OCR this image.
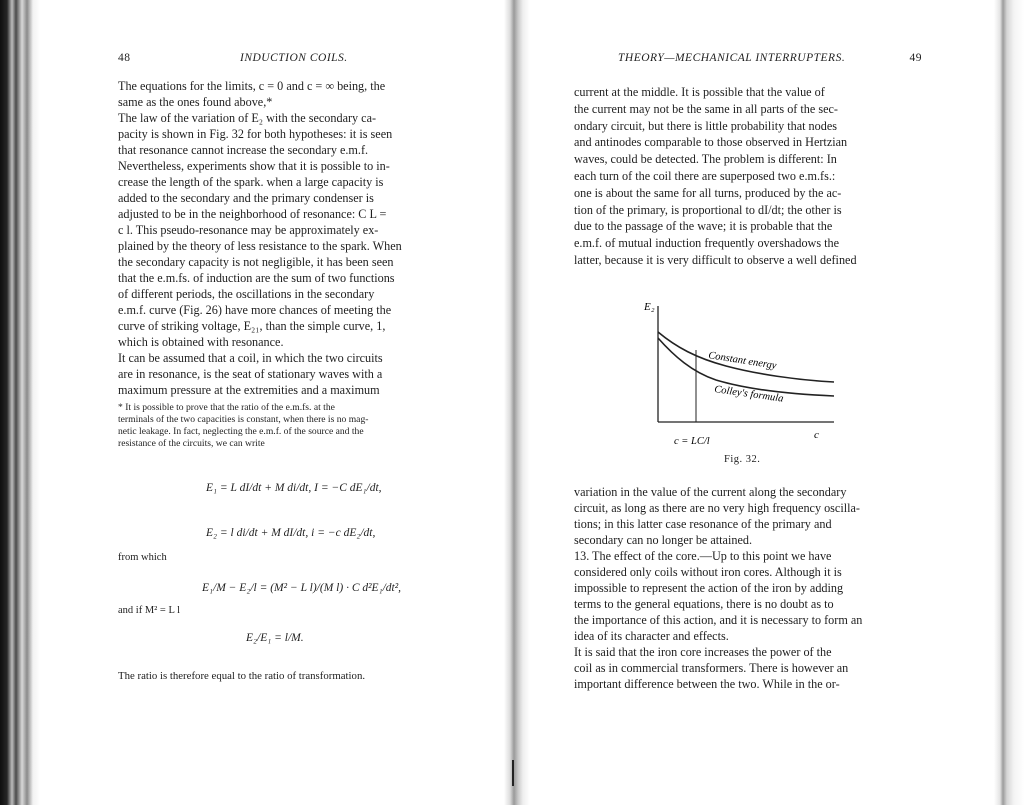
48	INDUCTION COILS.
The equations for the limits, c = 0 and c = ∞ being, the
same as the ones found above,*
The law of the variation of E₂ with the secondary ca-
pacity is shown in Fig. 32 for both hypotheses: it is seen
that resonance cannot increase the secondary e.m.f.
Nevertheless, experiments show that it is possible to in-
crease the length of the spark. when a large capacity is
added to the secondary and the primary condenser is
adjusted to be in the neighborhood of resonance: C L =
c l. This pseudo-resonance may be approximately ex-
plained by the theory of less resistance to the spark. When
the secondary capacity is not negligible, it has been seen
that the e.m.fs. of induction are the sum of two functions
of different periods, the oscillations in the secondary
e.m.f. curve (Fig. 26) have more chances of meeting the
curve of striking voltage, E₂₁, than the simple curve, 1,
which is obtained with resonance.
It can be assumed that a coil, in which the two circuits
are in resonance, is the seat of stationary waves with a
maximum pressure at the extremities and a maximum
* It is possible to prove that the ratio of the e.m.fs. at the
terminals of the two capacities is constant, when there is no mag-
netic leakage. In fact, neglecting the e.m.f. of the source and the
resistance of the circuits, we can write
E₁ = L dI/dt + M di/dt, I = −C dE₁/dt,
E₂ = l di/dt + M dI/dt, i = −c dE₂/dt,
from which
E₁/M − E₂/l = (M² − L l)/(M l) · C d²E₁/dt²,
and if M² = L l
E₂/E₁ = l/M.
The ratio is therefore equal to the ratio of transformation.
THEORY—MECHANICAL INTERRUPTERS.	49
current at the middle. It is possible that the value of
the current may not be the same in all parts of the sec-
ondary circuit, but there is little probability that nodes
and antinodes comparable to those observed in Hertzian
waves, could be detected. The problem is different: In
each turn of the coil there are superposed two e.m.fs.:
one is about the same for all turns, produced by the ac-
tion of the primary, is proportional to dI/dt; the other is
due to the passage of the wave; it is probable that the
e.m.f. of mutual induction frequently overshadows the
latter, because it is very difficult to observe a well defined
E₂
c
c = LC/l
Constant energy
Colley's formula
Fig. 32.
variation in the value of the current along the secondary
circuit, as long as there are no very high frequency oscilla-
tions; in this latter case resonance of the primary and
secondary can no longer be attained.
13. The effect of the core.—Up to this point we have
considered only coils without iron cores. Although it is
impossible to represent the action of the iron by adding
terms to the general equations, there is no doubt as to
the importance of this action, and it is necessary to form an
idea of its character and effects.
It is said that the iron core increases the power of the
coil as in commercial transformers. There is however an
important difference between the two. While in the or-
